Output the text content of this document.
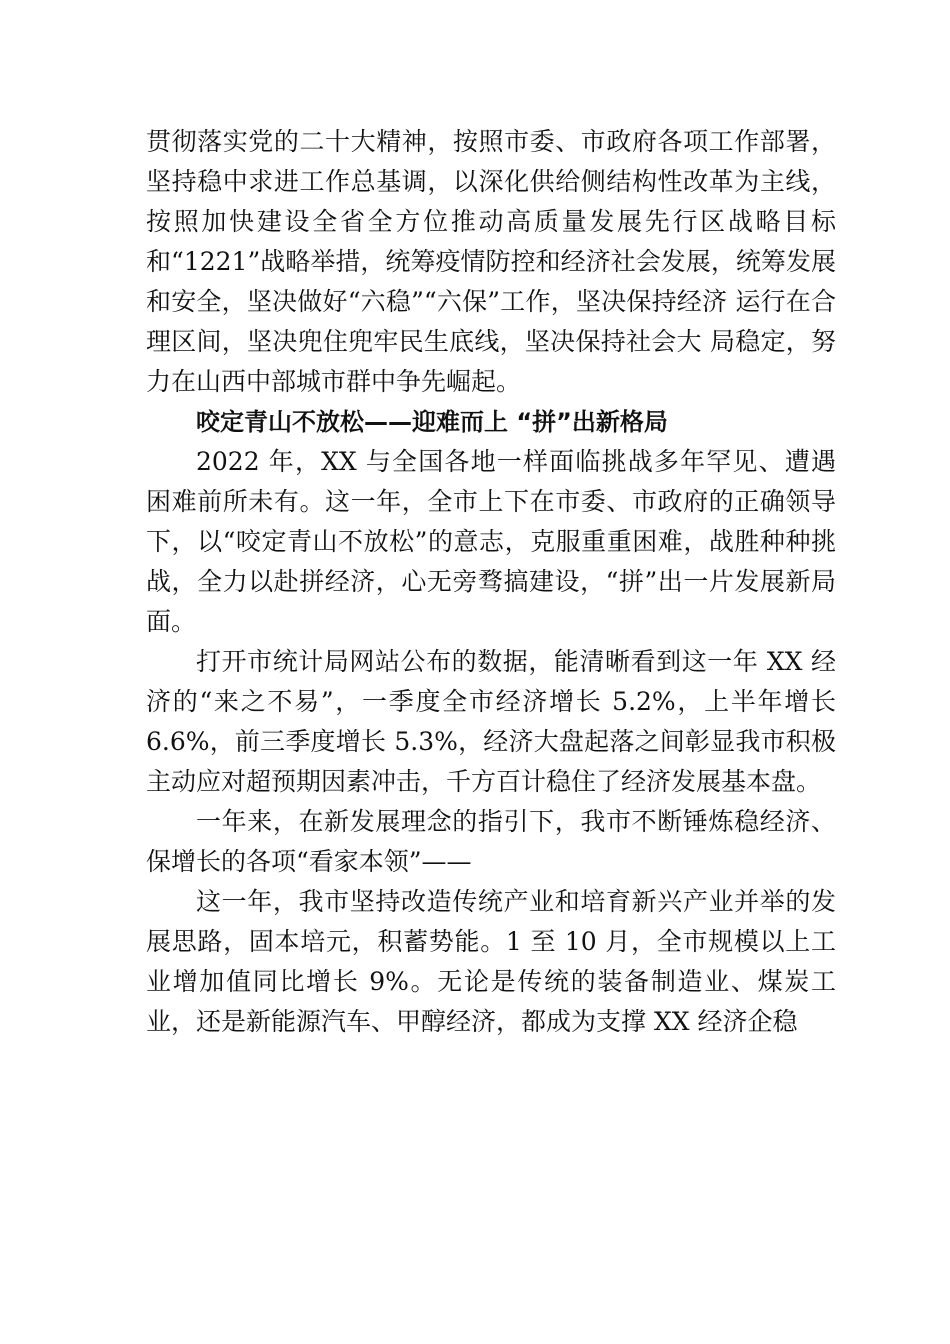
贯彻落实党的二十大精神，按照市委、市政府各项工作部署，坚持稳中求进工作总基调，以深化供给侧结构性改革为主线，按照加快建设全省全方位推动高质量发展先行区战略目标和“1221”战略举措，统筹疫情防控和经济社会发展，统筹发展和安全，坚决做好“六稳”“六保”工作，坚决保持经济 运行在合理区间，坚决兜住兜牢民生底线，坚决保持社会大 局稳定，努力在山西中部城市群中争先崛起。

咬定青山不放松——迎难而上 “拼”出新格局

2022 年，XX 与全国各地一样面临挑战多年罕见、遭遇困难前所未有。这一年，全市上下在市委、市政府的正确领导下，以“咬定青山不放松”的意志，克服重重困难，战胜种种挑战，全力以赴拼经济，心无旁骛搞建设，“拼”出一片发展新局面。

打开市统计局网站公布的数据，能清晰看到这一年 XX 经济的“来之不易”，一季度全市经济增长 5.2%，上半年增长 6.6%，前三季度增长 5.3%，经济大盘起落之间彰显我市积极主动应对超预期因素冲击，千方百计稳住了经济发展基本盘。

一年来，在新发展理念的指引下，我市不断锤炼稳经济、保增长的各项“看家本领”——

这一年，我市坚持改造传统产业和培育新兴产业并举的发展思路，固本培元，积蓄势能。1 至 10 月，全市规模以上工业增加值同比增长 9%。无论是传统的装备制造业、煤炭工业，还是新能源汽车、甲醇经济，都成为支撑 XX 经济企稳
